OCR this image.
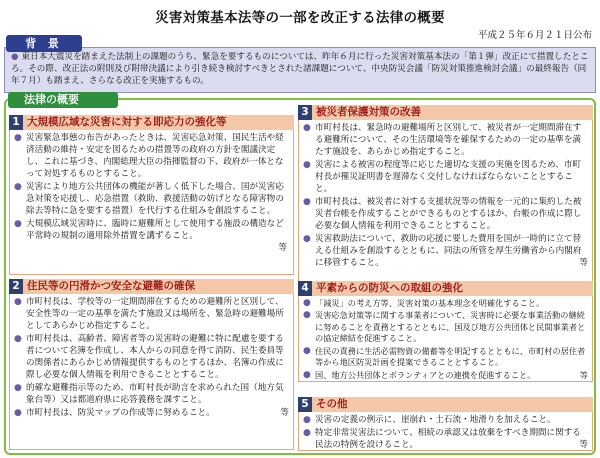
災害対策基本法等の一部を改正する法律の概要
平成２５年６月２１日公布
● 東日本大震災を踏まえた法制上の課題のうち、緊急を要するものについては、昨年６月に行った災害対策基本法の「第１弾」改正にて措置したところ。その際、改正法の附則及び附帯決議により引き続き検討すべきとされた諸課題について、中央防災会議「防災対策推進検討会議」の最終報告（同年７月）も踏まえ、さらなる改正を実施するもの。
背 景
法律の概要
1 大規模広域な災害に対する即応力の強化等
● 災害緊急事態の布告があったときは、災害応急対策、国民生活や経済活動の維持・安定を図るための措置等の政府の方針を閣議決定し、これに基づき、内閣総理大臣の指揮監督の下、政府が一体となって対処するものとすること。
● 災害により地方公共団体の機能が著しく低下した場合、国が災害応急対策を応援し、応急措置（救助、救援活動の妨げとなる障害物の除去等特に急を要する措置）を代行する仕組みを創設すること。
● 大規模広域災害時に、臨時に避難所として使用する施設の構造など平常時の規制の適用除外措置を講ずること。
等
2 住民等の円滑かつ安全な避難の確保
● 市町村長は、学校等の一定期間滞在するための避難所と区別して、安全性等の一定の基準を満たす施設又は場所を、緊急時の避難場所としてあらかじめ指定すること。
● 市町村長は、高齢者、障害者等の災害時の避難に特に配慮を要する者について名簿を作成し、本人からの同意を得て消防、民生委員等の関係者にあらかじめ情報提供するものとするほか、名簿の作成に際し必要な個人情報を利用できることとすること。
● 的確な避難指示等のため、市町村長が助言を求められた国（地方気象台等）又は都道府県に応答義務を課すこと。
● 市町村長は、防災マップの作成等に努めること。	等
3 被災者保護対策の改善
● 市町村長は、緊急時の避難場所と区別して、被災者が一定期間滞在する避難所について、その生活環境等を確保するための一定の基準を満たす施設を、あらかじめ指定すること。
● 災害による被害の程度等に応じた適切な支援の実施を図るため、市町村長が罹災証明書を遅滞なく交付しなければならないこととすること。
● 市町村長は、被災者に対する支援状況等の情報を一元的に集約した被災者台帳を作成することができるものとするほか、台帳の作成に際し必要な個人情報を利用できることとすること。
● 災害救助法について、救助の応援に要した費用を国が一時的に立て替える仕組みを創設するとともに、同法の所管を厚生労働省から内閣府に移管すること。	等
4 平素からの防災への取組の強化
● 「減災」の考え方等、災害対策の基本理念を明確化すること。
● 災害応急対策等に関する事業者について、災害時に必要な事業活動の継続に努めることを責務とするとともに、国及び地方公共団体と民間事業者との協定締結を促進すること。
● 住民の責務に生活必需物資の備蓄等を明記するとともに、市町村の居住者等から地区防災計画を提案できることとすること。
● 国、地方公共団体とボランティアとの連携を促進すること。	等
5 その他
● 災害の定義の例示に、崖崩れ・土石流・地滑りを加えること。
● 特定非常災害法について、相続の承認又は放棄をすべき期間に関する民法の特例を設けること。	等
